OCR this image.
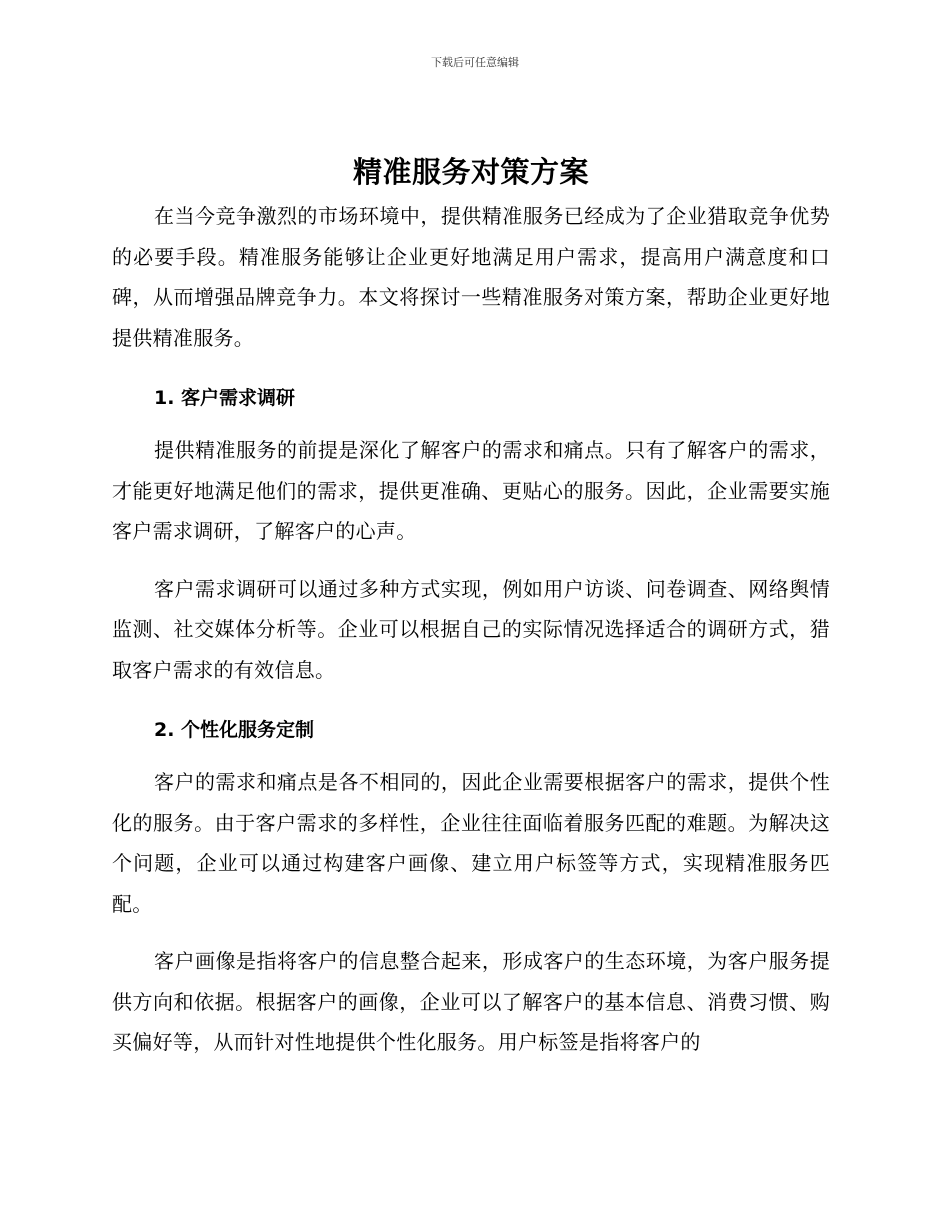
下载后可任意编辑
精准服务对策方案

在当今竞争激烈的市场环境中，提供精准服务已经成为了企业猎取竞争优势的必要手段。精准服务能够让企业更好地满足用户需求，提高用户满意度和口碑，从而增强品牌竞争力。本文将探讨一些精准服务对策方案，帮助企业更好地提供精准服务。

1. 客户需求调研

提供精准服务的前提是深化了解客户的需求和痛点。只有了解客户的需求，才能更好地满足他们的需求，提供更准确、更贴心的服务。因此，企业需要实施客户需求调研，了解客户的心声。

客户需求调研可以通过多种方式实现，例如用户访谈、问卷调查、网络舆情监测、社交媒体分析等。企业可以根据自己的实际情况选择适合的调研方式，猎取客户需求的有效信息。

2. 个性化服务定制

客户的需求和痛点是各不相同的，因此企业需要根据客户的需求，提供个性化的服务。由于客户需求的多样性，企业往往面临着服务匹配的难题。为解决这个问题，企业可以通过构建客户画像、建立用户标签等方式，实现精准服务匹配。

客户画像是指将客户的信息整合起来，形成客户的生态环境，为客户服务提供方向和依据。根据客户的画像，企业可以了解客户的基本信息、消费习惯、购买偏好等，从而针对性地提供个性化服务。用户标签是指将客户的
